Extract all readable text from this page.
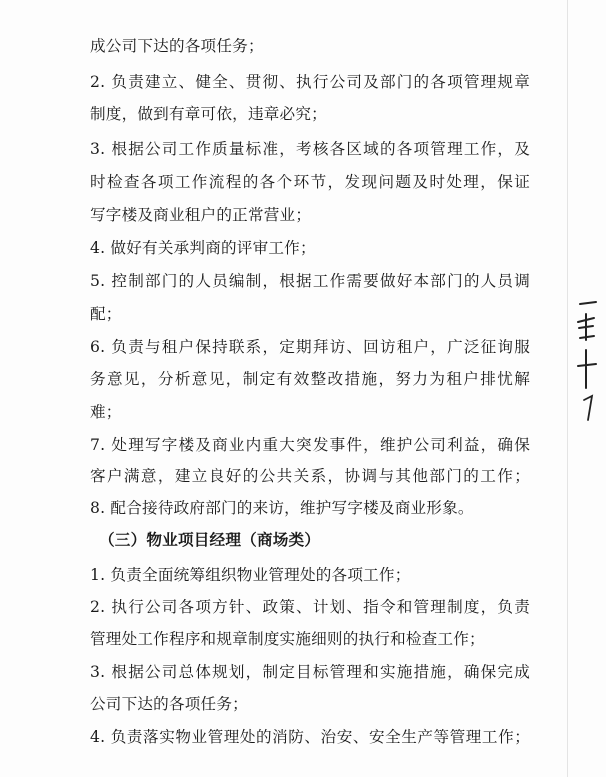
成公司下达的各项任务；
2. 负责建立、健全、贯彻、执行公司及部门的各项管理规章
制度，做到有章可依，违章必究；
3. 根据公司工作质量标准，考核各区域的各项管理工作，及
时检查各项工作流程的各个环节，发现问题及时处理，保证
写字楼及商业租户的正常营业；
4. 做好有关承判商的评审工作；
5. 控制部门的人员编制，根据工作需要做好本部门的人员调
配；
6. 负责与租户保持联系，定期拜访、回访租户，广泛征询服
务意见，分析意见，制定有效整改措施，努力为租户排忧解
难；
7. 处理写字楼及商业内重大突发事件，维护公司利益，确保
客户满意，建立良好的公共关系，协调与其他部门的工作；
8. 配合接待政府部门的来访，维护写字楼及商业形象。
（三）物业项目经理（商场类）
1. 负责全面统筹组织物业管理处的各项工作；
2. 执行公司各项方针、政策、计划、指令和管理制度，负责
管理处工作程序和规章制度实施细则的执行和检查工作；
3. 根据公司总体规划，制定目标管理和实施措施，确保完成
公司下达的各项任务；
4. 负责落实物业管理处的消防、治安、安全生产等管理工作；
